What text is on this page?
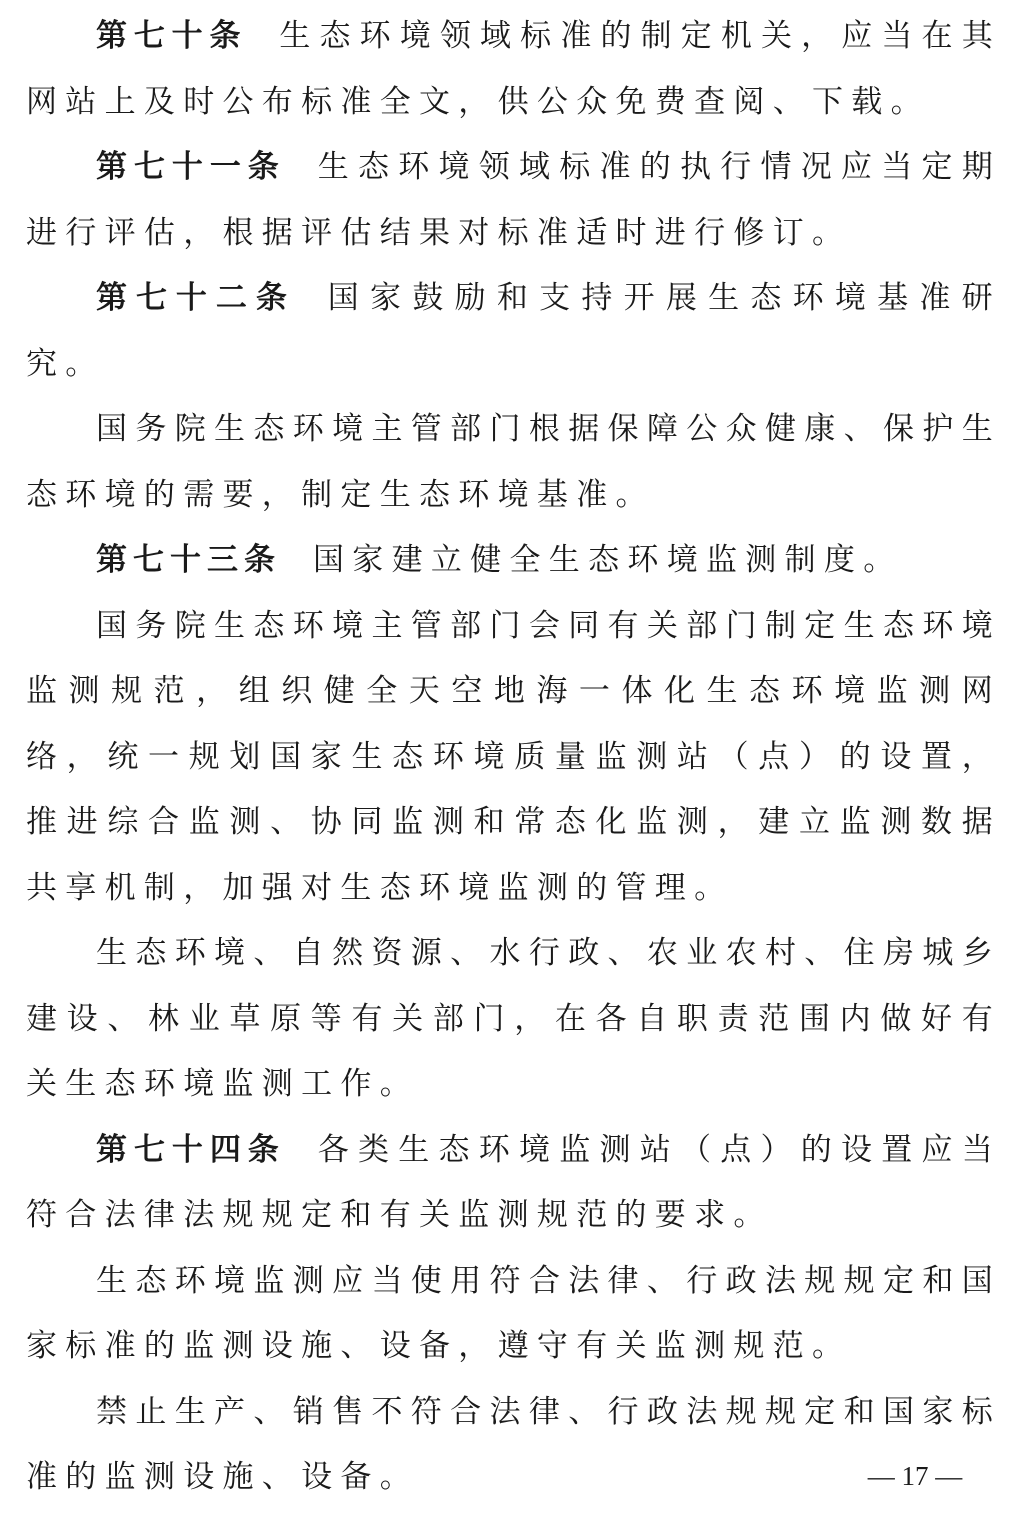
第七十条 生态环境领域标准的制定机关，应当在其网站上及时公布标准全文，供公众免费查阅、下载。

第七十一条 生态环境领域标准的执行情况应当定期进行评估，根据评估结果对标准适时进行修订。

第七十二条 国家鼓励和支持开展生态环境基准研究。

国务院生态环境主管部门根据保障公众健康、保护生态环境的需要，制定生态环境基准。

第七十三条 国家建立健全生态环境监测制度。

国务院生态环境主管部门会同有关部门制定生态环境监测规范，组织健全天空地海一体化生态环境监测网络，统一规划国家生态环境质量监测站（点）的设置，推进综合监测、协同监测和常态化监测，建立监测数据共享机制，加强对生态环境监测的管理。

生态环境、自然资源、水行政、农业农村、住房城乡建设、林业草原等有关部门，在各自职责范围内做好有关生态环境监测工作。

第七十四条 各类生态环境监测站（点）的设置应当符合法律法规规定和有关监测规范的要求。

生态环境监测应当使用符合法律、行政法规规定和国家标准的监测设施、设备，遵守有关监测规范。

禁止生产、销售不符合法律、行政法规规定和国家标准的监测设施、设备。	— 17 —
